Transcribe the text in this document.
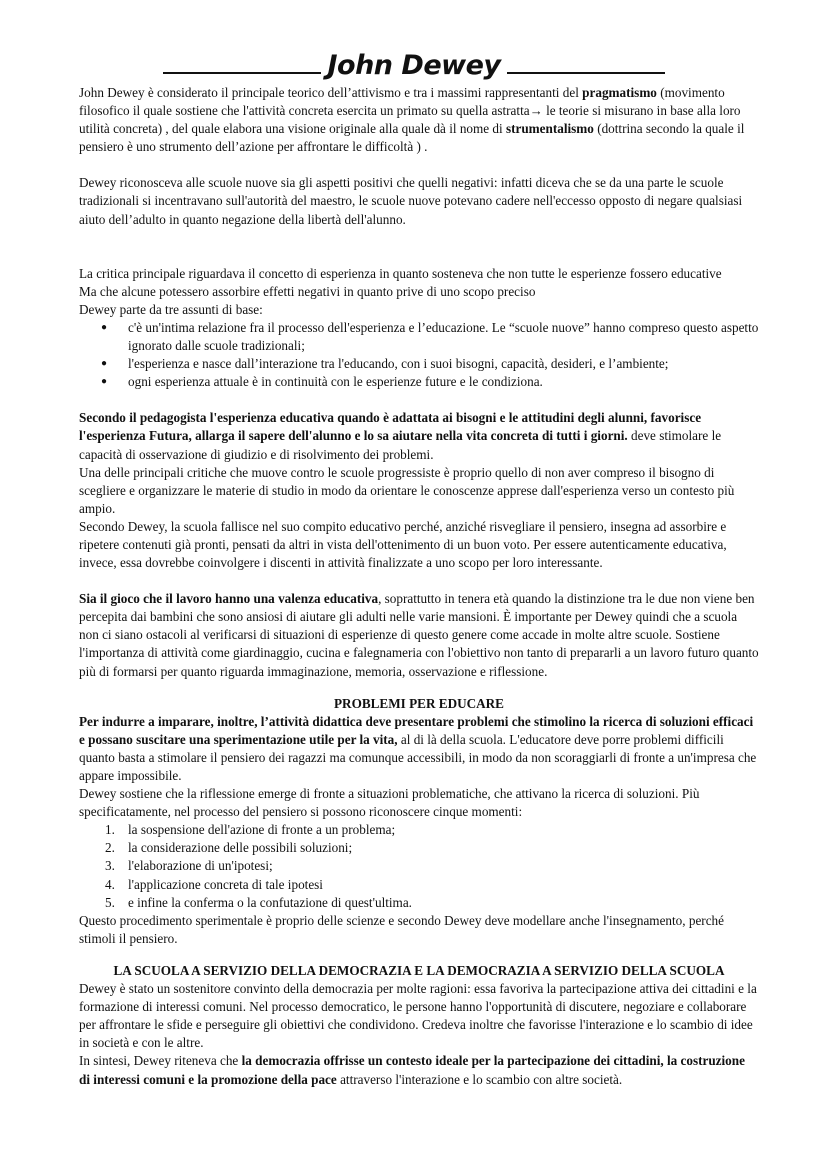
John Dewey

John Dewey è considerato il principale teorico dell’attivismo e tra i massimi rappresentanti del pragmatismo (movimento filosofico il quale sostiene che l'attività concreta esercita un primato su quella astratta→ le teorie si misurano in base alla loro utilità concreta) , del quale elabora una visione originale alla quale dà il nome di strumentalismo (dottrina secondo la quale il pensiero è uno strumento dell’azione per affrontare le difficoltà ) .

Dewey riconosceva alle scuole nuove sia gli aspetti positivi che quelli negativi: infatti diceva che se da una parte le scuole tradizionali si incentravano sull'autorità del maestro, le scuole nuove potevano cadere nell'eccesso opposto di negare qualsiasi aiuto dell’adulto in quanto negazione della libertà dell'alunno.

La critica principale riguardava il concetto di esperienza in quanto sosteneva che non tutte le esperienze fossero educative

Ma che alcune potessero assorbire effetti negativi in quanto prive di uno scopo preciso

Dewey parte da tre assunti di base:

● c'è un'intima relazione fra il processo dell'esperienza e l’educazione. Le “scuole nuove” hanno compreso questo aspetto ignorato dalle scuole tradizionali;
● l'esperienza e nasce dall’interazione tra l'educando, con i suoi bisogni, capacità, desideri, e l’ambiente;
● ogni esperienza attuale è in continuità con le esperienze future e le condiziona.

Secondo il pedagogista l'esperienza educativa quando è adattata ai bisogni e le attitudini degli alunni, favorisce l'esperienza Futura, allarga il sapere dell'alunno e lo sa aiutare nella vita concreta di tutti i giorni. deve stimolare le capacità di osservazione di giudizio e di risolvimento dei problemi.

Una delle principali critiche che muove contro le scuole progressiste è proprio quello di non aver compreso il bisogno di scegliere e organizzare le materie di studio in modo da orientare le conoscenze apprese dall'esperienza verso un contesto più ampio.

Secondo Dewey, la scuola fallisce nel suo compito educativo perché, anziché risvegliare il pensiero, insegna ad assorbire e ripetere contenuti già pronti, pensati da altri in vista dell'ottenimento di un buon voto. Per essere autenticamente educativa, invece, essa dovrebbe coinvolgere i discenti in attività finalizzate a uno scopo per loro interessante.

Sia il gioco che il lavoro hanno una valenza educativa, soprattutto in tenera età quando la distinzione tra le due non viene ben percepita dai bambini che sono ansiosi di aiutare gli adulti nelle varie mansioni. È importante per Dewey quindi che a scuola non ci siano ostacoli al verificarsi di situazioni di esperienze di questo genere come accade in molte altre scuole. Sostiene l'importanza di attività come giardinaggio, cucina e falegnameria con l'obiettivo non tanto di prepararli a un lavoro futuro quanto più di formarsi per quanto riguarda immaginazione, memoria, osservazione e riflessione.

PROBLEMI PER EDUCARE

Per indurre a imparare, inoltre, l’attività didattica deve presentare problemi che stimolino la ricerca di soluzioni efficaci e possano suscitare una sperimentazione utile per la vita, al di là della scuola. L'educatore deve porre problemi difficili quanto basta a stimolare il pensiero dei ragazzi ma comunque accessibili, in modo da non scoraggiarli di fronte a un'impresa che appare impossibile.

Dewey sostiene che la riflessione emerge di fronte a situazioni problematiche, che attivano la ricerca di soluzioni. Più specificatamente, nel processo del pensiero si possono riconoscere cinque momenti:

1. la sospensione dell'azione di fronte a un problema;
2. la considerazione delle possibili soluzioni;
3. l'elaborazione di un'ipotesi;
4. l'applicazione concreta di tale ipotesi
5. e infine la conferma o la confutazione di quest'ultima.

Questo procedimento sperimentale è proprio delle scienze e secondo Dewey deve modellare anche l'insegnamento, perché stimoli il pensiero.

LA SCUOLA A SERVIZIO DELLA DEMOCRAZIA E LA DEMOCRAZIA A SERVIZIO DELLA SCUOLA

Dewey è stato un sostenitore convinto della democrazia per molte ragioni: essa favoriva la partecipazione attiva dei cittadini e la formazione di interessi comuni. Nel processo democratico, le persone hanno l'opportunità di discutere, negoziare e collaborare per affrontare le sfide e perseguire gli obiettivi che condividono. Credeva inoltre che favorisse l'interazione e lo scambio di idee in società e con le altre.

In sintesi, Dewey riteneva che la democrazia offrisse un contesto ideale per la partecipazione dei cittadini, la costruzione di interessi comuni e la promozione della pace attraverso l'interazione e lo scambio con altre società.
